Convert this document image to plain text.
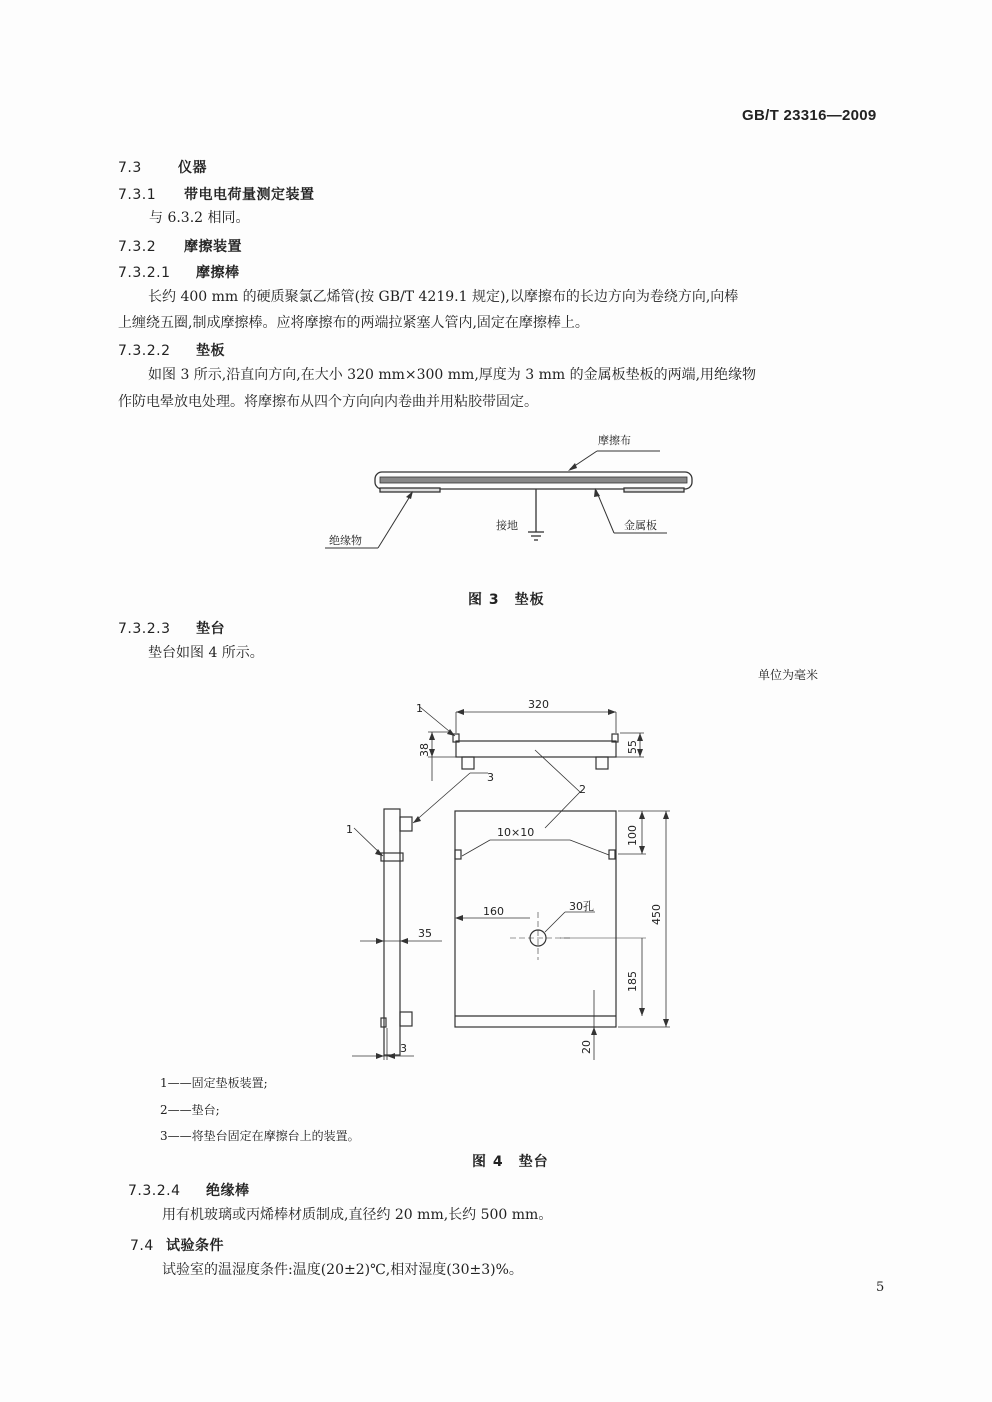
GB/T 23316—2009
7.3	仪器
7.3.1 带电电荷量测定装置
与 6.3.2 相同。
7.3.2 摩擦装置
7.3.2.1 摩擦棒
长约 400 mm 的硬质聚氯乙烯管(按 GB/T 4219.1 规定),以摩擦布的长边方向为卷绕方向,向棒
上缠绕五圈,制成摩擦棒。应将摩擦布的两端拉紧塞人管内,固定在摩擦棒上。
7.3.2.2 垫板
如图 3 所示,沿直向方向,在大小 320 mm×300 mm,厚度为 3 mm 的金属板垫板的两端,用绝缘物
作防电晕放电处理。将摩擦布从四个方向向内卷曲并用粘胶带固定。
摩擦布
接地
绝缘物
金属板
图 3　垫板
7.3.2.3 垫台
垫台如图 4 所示。
单位为毫米
320
38	55
1
1
2
3
10×10	100
450
160	30孔
185
35
3	20
1——固定垫板装置;
2——垫台;
3——将垫台固定在摩擦台上的装置。
图 4　垫台
7.3.2.4 绝缘棒
用有机玻璃或丙烯棒材质制成,直径约 20 mm,长约 500 mm。
7.4 试验条件
试验室的温湿度条件:温度(20±2)℃,相对湿度(30±3)%。
5
